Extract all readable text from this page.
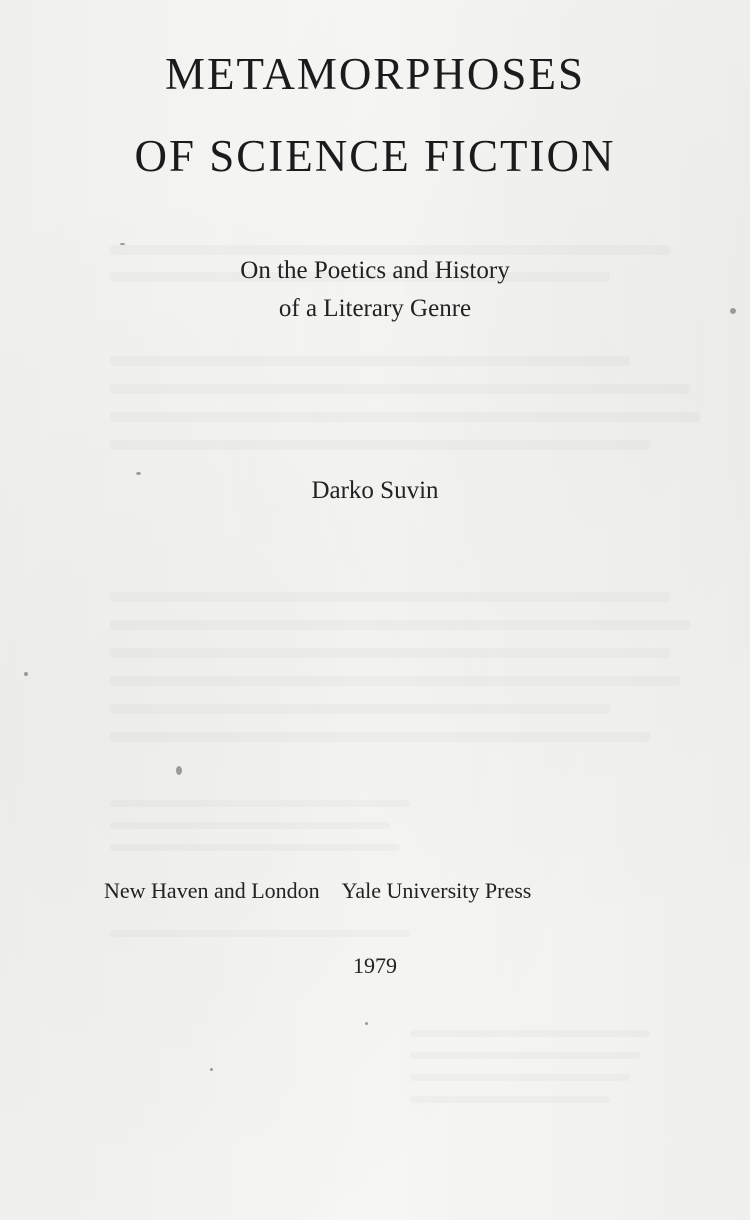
METAMORPHOSES
OF SCIENCE FICTION

On the Poetics and History

of a Literary Genre

Darko Suvin
New Haven and London Yale University Press
1979
